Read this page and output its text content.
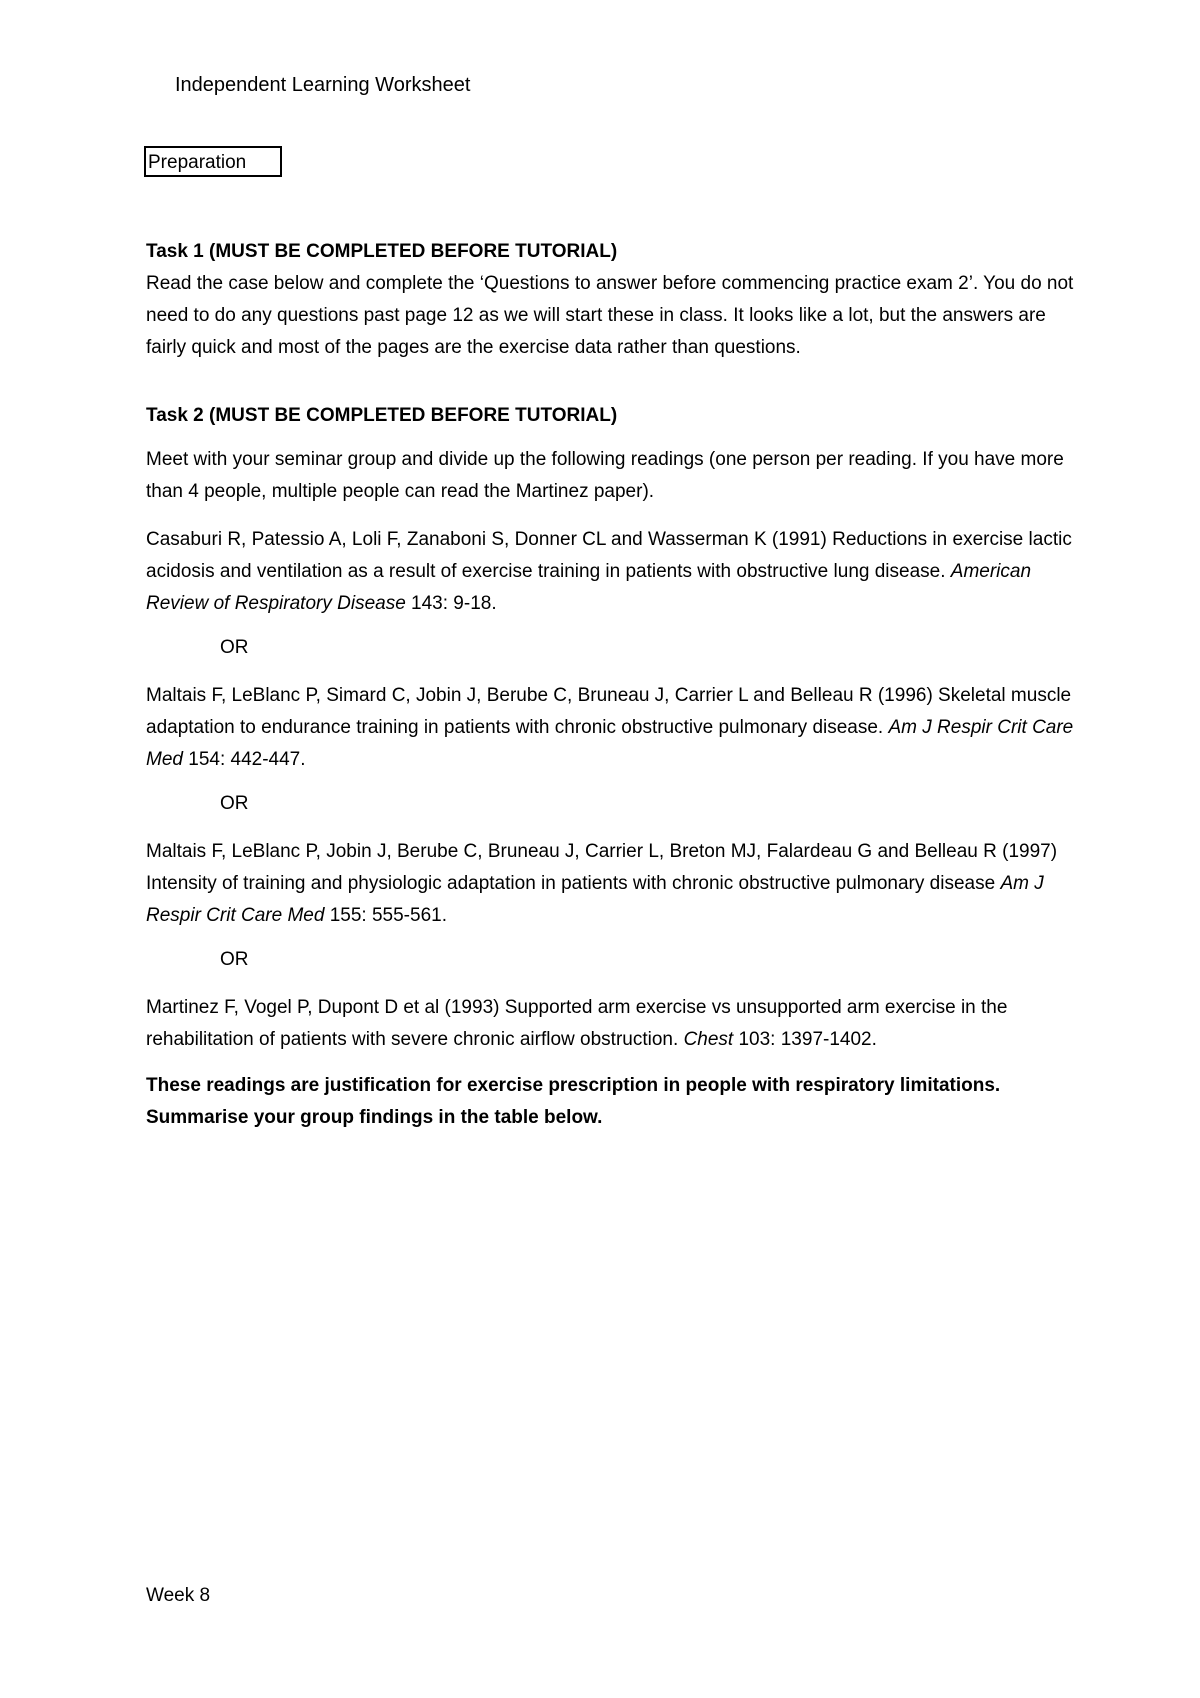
Independent Learning Worksheet
Preparation

Task 1 (MUST BE COMPLETED BEFORE TUTORIAL)

Read the case below and complete the ‘Questions to answer before commencing practice exam 2’. You do not need to do any questions past page 12 as we will start these in class. It looks like a lot, but the answers are fairly quick and most of the pages are the exercise data rather than questions.

Task 2 (MUST BE COMPLETED BEFORE TUTORIAL)

Meet with your seminar group and divide up the following readings (one person per reading. If you have more than 4 people, multiple people can read the Martinez paper).

Casaburi R, Patessio A, Loli F, Zanaboni S, Donner CL and Wasserman K (1991) Reductions in exercise lactic acidosis and ventilation as a result of exercise training in patients with obstructive lung disease. American Review of Respiratory Disease 143: 9-18.

OR

Maltais F, LeBlanc P, Simard C, Jobin J, Berube C, Bruneau J, Carrier L and Belleau R (1996) Skeletal muscle adaptation to endurance training in patients with chronic obstructive pulmonary disease. Am J Respir Crit Care Med 154: 442-447.

OR

Maltais F, LeBlanc P, Jobin J, Berube C, Bruneau J, Carrier L, Breton MJ, Falardeau G and Belleau R (1997) Intensity of training and physiologic adaptation in patients with chronic obstructive pulmonary disease Am J Respir Crit Care Med 155: 555-561.

OR

Martinez F, Vogel P, Dupont D et al (1993) Supported arm exercise vs unsupported arm exercise in the rehabilitation of patients with severe chronic airflow obstruction. Chest 103: 1397-1402.

These readings are justification for exercise prescription in people with respiratory limitations. Summarise your group findings in the table below.

Week 8
